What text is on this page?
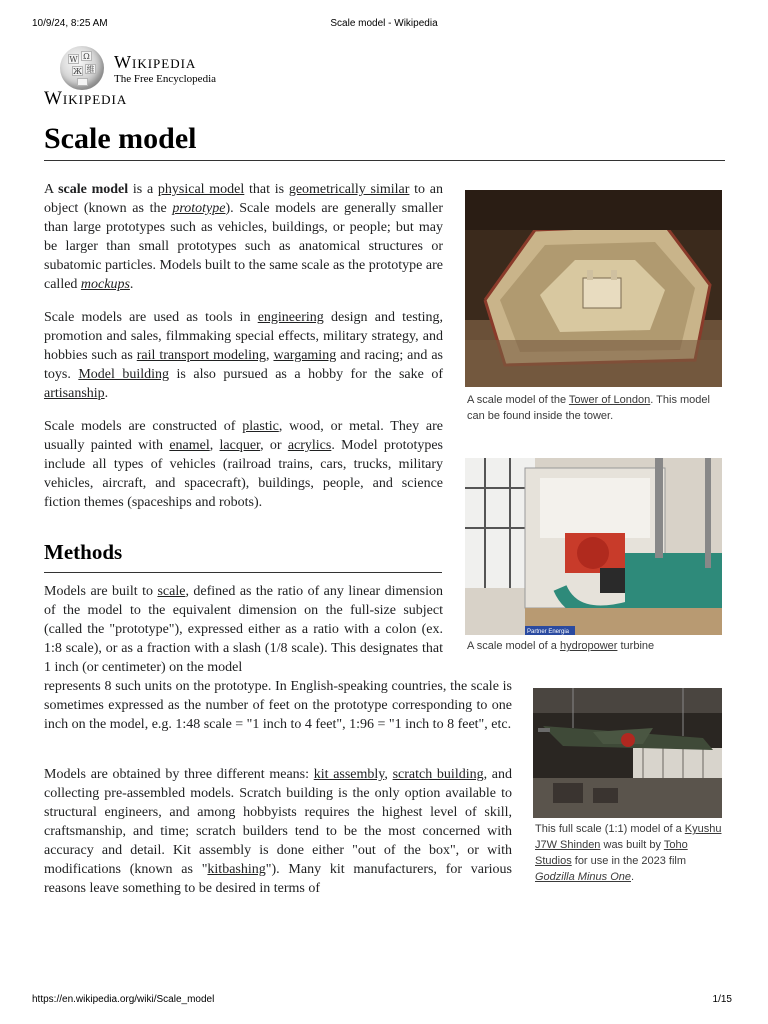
10/9/24, 8:25 AM	Scale model - Wikipedia
W Ω
Ж 維 Wikipedia
The Free Encyclopedia
Wikipedia
Scale model

A scale model is a physical model that is geometrically similar to an object (known as the prototype). Scale models are generally smaller than large prototypes such as vehicles, buildings, or people; but may be larger than small prototypes such as anatomical structures or subatomic particles. Models built to the same scale as the prototype are called mockups.

Scale models are used as tools in engineering design and testing, promotion and sales, filmmaking special effects, military strategy, and hobbies such as rail transport modeling, wargaming and racing; and as toys. Model building is also pursued as a hobby for the sake of artisanship.

Scale models are constructed of plastic, wood, or metal. They are usually painted with enamel, lacquer, or acrylics. Model prototypes include all types of vehicles (railroad trains, cars, trucks, military vehicles, aircraft, and spacecraft), buildings, people, and science fiction themes (spaceships and robots).

Methods
Models are built to scale, defined as the ratio of any linear dimension of the model to the equivalent dimension on the full-size subject (called the "prototype"), expressed either as a ratio with a colon (ex. 1:8 scale), or as a fraction with a slash (1/8 scale). This designates that 1 inch (or centimeter) on the model
represents 8 such units on the prototype. In English-speaking countries, the scale is sometimes expressed as the number of feet on the prototype corresponding to one inch on the model, e.g. 1:48 scale = "1 inch to 4 feet", 1:96 = "1 inch to 8 feet", etc.
Models are obtained by three different means: kit assembly, scratch building, and collecting pre-assembled models. Scratch building is the only option available to structural engineers, and among hobbyists requires the highest level of skill, craftsmanship, and time; scratch builders tend to be the most concerned with accuracy and detail. Kit assembly is done either "out of the box", or with modifications (known as "kitbashing"). Many kit manufacturers, for various reasons leave something to be desired in terms of
A scale model of the Tower of London. This model can be found inside the tower.
Partner Energia
A scale model of a hydropower turbine
This full scale (1:1) model of a Kyushu J7W Shinden was built by Toho Studios for use in the 2023 film Godzilla Minus One.
https://en.wikipedia.org/wiki/Scale_model	1/15
